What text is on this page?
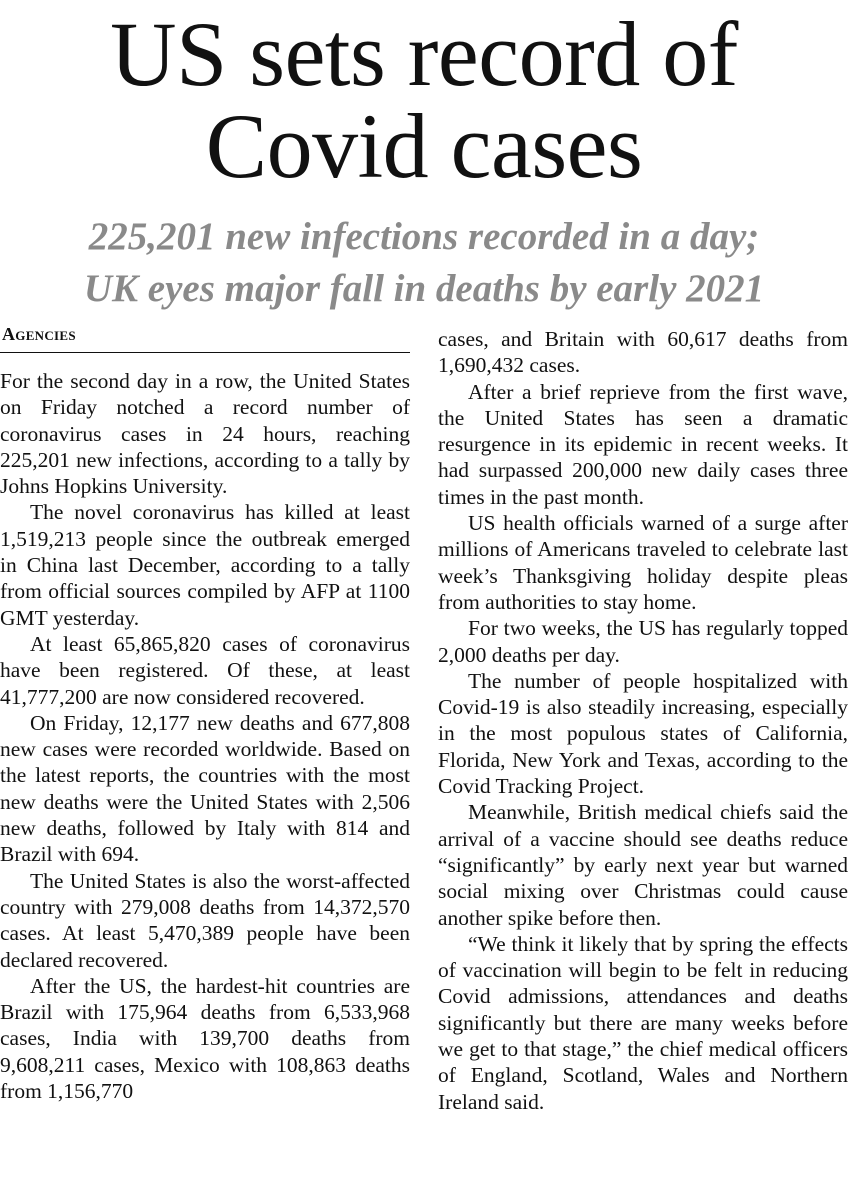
US sets record of
Covid cases
225,201 new infections recorded in a day;
UK eyes major fall in deaths by early 2021
Agencies

For the second day in a row, the United States on Friday notched a record number of coronavirus cases in 24 hours, reaching 225,201 new infections, according to a tally by Johns Hopkins University.

The novel coronavirus has killed at least 1,519,213 people since the outbreak emerged in China last December, according to a tally from official sources compiled by AFP at 1100 GMT yesterday.

At least 65,865,820 cases of coronavirus have been registered. Of these, at least 41,777,200 are now considered recovered.

On Friday, 12,177 new deaths and 677,808 new cases were recorded worldwide. Based on the latest reports, the countries with the most new deaths were the United States with 2,506 new deaths, followed by Italy with 814 and Brazil with 694.

The United States is also the worst-affected country with 279,008 deaths from 14,372,570 cases. At least 5,470,389 people have been declared recovered.

After the US, the hardest-hit countries are Brazil with 175,964 deaths from 6,533,968 cases, India with 139,700 deaths from 9,608,211 cases, Mexico with 108,863 deaths from 1,156,770

cases, and Britain with 60,617 deaths from 1,690,432 cases.

After a brief reprieve from the first wave, the United States has seen a dramatic resurgence in its epidemic in recent weeks. It had surpassed 200,000 new daily cases three times in the past month.

US health officials warned of a surge after millions of Americans traveled to celebrate last week’s Thanksgiving holiday despite pleas from authorities to stay home.

For two weeks, the US has regularly topped 2,000 deaths per day.

The number of people hospitalized with Covid-19 is also steadily increasing, especially in the most populous states of California, Florida, New York and Texas, according to the Covid Tracking Project.

Meanwhile, British medical chiefs said the arrival of a vaccine should see deaths reduce “significantly” by early next year but warned social mixing over Christmas could cause another spike before then.

“We think it likely that by spring the effects of vaccination will begin to be felt in reducing Covid admissions, attendances and deaths significantly but there are many weeks before we get to that stage,” the chief medical officers of England, Scotland, Wales and Northern Ireland said.
